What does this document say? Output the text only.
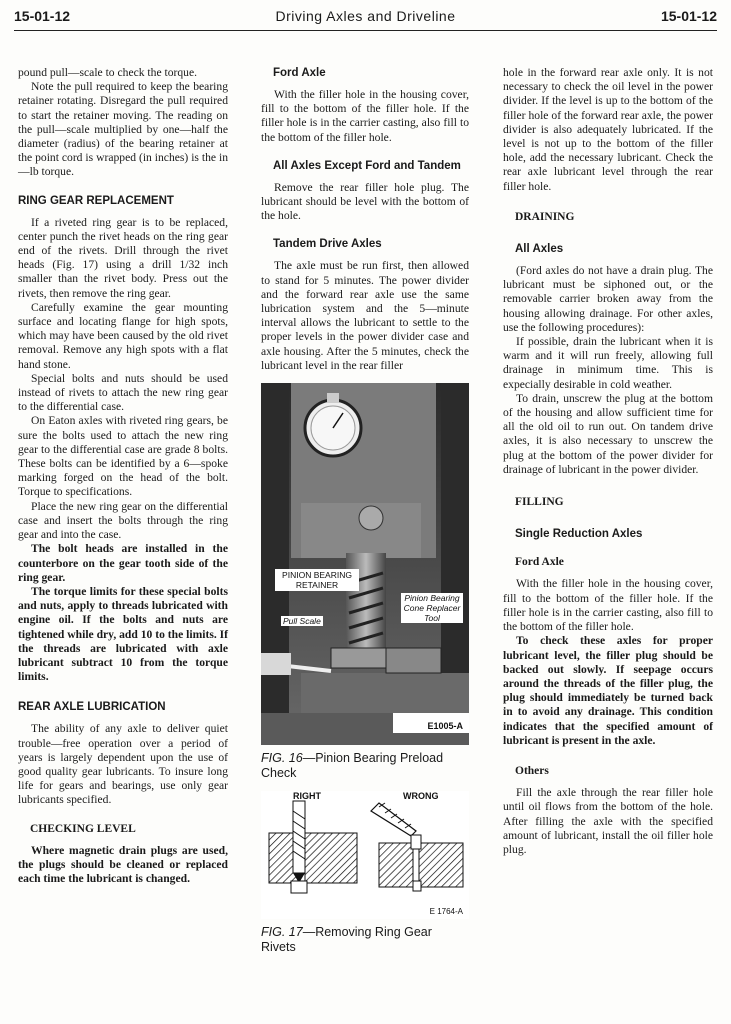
15-01-12	Driving Axles and Driveline	15-01-12

pound pull—scale to check the torque.

Note the pull required to keep the bearing retainer rotating. Disregard the pull required to start the retainer moving. The reading on the pull—scale multiplied by one—half the diameter (radius) of the bearing retainer at the point cord is wrapped (in inches) is the in—lb torque.

RING GEAR REPLACEMENT

If a riveted ring gear is to be replaced, center punch the rivet heads on the ring gear end of the rivets. Drill through the rivet heads (Fig. 17) using a drill 1/32 inch smaller than the rivet body. Press out the rivets, then remove the ring gear.

Carefully examine the gear mounting surface and locating flange for high spots, which may have been caused by the old rivet removal. Remove any high spots with a flat hand stone.

Special bolts and nuts should be used instead of rivets to attach the new ring gear to the differential case.

On Eaton axles with riveted ring gears, be sure the bolts used to attach the new ring gear to the differential case are grade 8 bolts. These bolts can be identified by a 6—spoke marking forged on the head of the bolt. Torque to specifications.

Place the new ring gear on the differential case and insert the bolts through the ring gear and into the case.

The bolt heads are installed in the counterbore on the gear tooth side of the ring gear.

The torque limits for these special bolts and nuts, apply to threads lubricated with engine oil. If the bolts and nuts are tightened while dry, add 10 to the limits. If the threads are lubricated with axle lubricant subtract 10 from the torque limits.

REAR AXLE LUBRICATION

The ability of any axle to deliver quiet trouble—free operation over a period of years is largely dependent upon the use of good quality gear lubricants. To insure long life for gears and bearings, use only gear lubricants specified.

CHECKING LEVEL

Where magnetic drain plugs are used, the plugs should be cleaned or replaced each time the lubricant is changed.

Ford Axle

With the filler hole in the housing cover, fill to the bottom of the filler hole. If the filler hole is in the carrier casting, also fill to the bottom of the filler hole.

All Axles Except Ford and Tandem

Remove the rear filler hole plug. The lubricant should be level with the bottom of the hole.

Tandem Drive Axles

The axle must be run first, then allowed to stand for 5 minutes. The power divider and the forward rear axle use the same lubrication system and the 5—minute interval allows the lubricant to settle to the proper levels in the power divider case and axle housing. After the 5 minutes, check the lubricant level in the rear filler

PINION BEARING RETAINER
Pinion Bearing Cone Replacer Tool
Pull Scale
E1005-A
FIG. 16—Pinion Bearing Preload Check
RIGHT	WRONG
E 1764-A
FIG. 17—Removing Ring Gear Rivets

hole in the forward rear axle only. It is not necessary to check the oil level in the power divider. If the level is up to the bottom of the filler hole of the forward rear axle, the power divider is also adequately lubricated. If the level is not up to the bottom of the filler hole, add the necessary lubricant. Check the rear axle lubricant level through the rear filler hole.

DRAINING
All Axles

(Ford axles do not have a drain plug. The lubricant must be siphoned out, or the removable carrier broken away from the housing allowing drainage. For other axles, use the following procedures):

If possible, drain the lubricant when it is warm and it will run freely, allowing full drainage in minimum time. This is expecially desirable in cold weather.

To drain, unscrew the plug at the bottom of the housing and allow sufficient time for all the old oil to run out. On tandem drive axles, it is also necessary to unscrew the plug at the bottom of the power divider for drainage of lubricant in the power divider.

FILLING
Single Reduction Axles
Ford Axle

With the filler hole in the housing cover, fill to the bottom of the filler hole. If the filler hole is in the carrier casting, also fill to the bottom of the filler hole.

To check these axles for proper lubricant level, the filler plug should be backed out slowly. If seepage occurs around the threads of the filler plug, the plug should immediately be turned back in to avoid any drainage. This condition indicates that the specified amount of lubricant is present in the axle.

Others

Fill the axle through the rear filler hole until oil flows from the bottom of the hole. After filling the axle with the specified amount of lubricant, install the oil filler hole plug.
